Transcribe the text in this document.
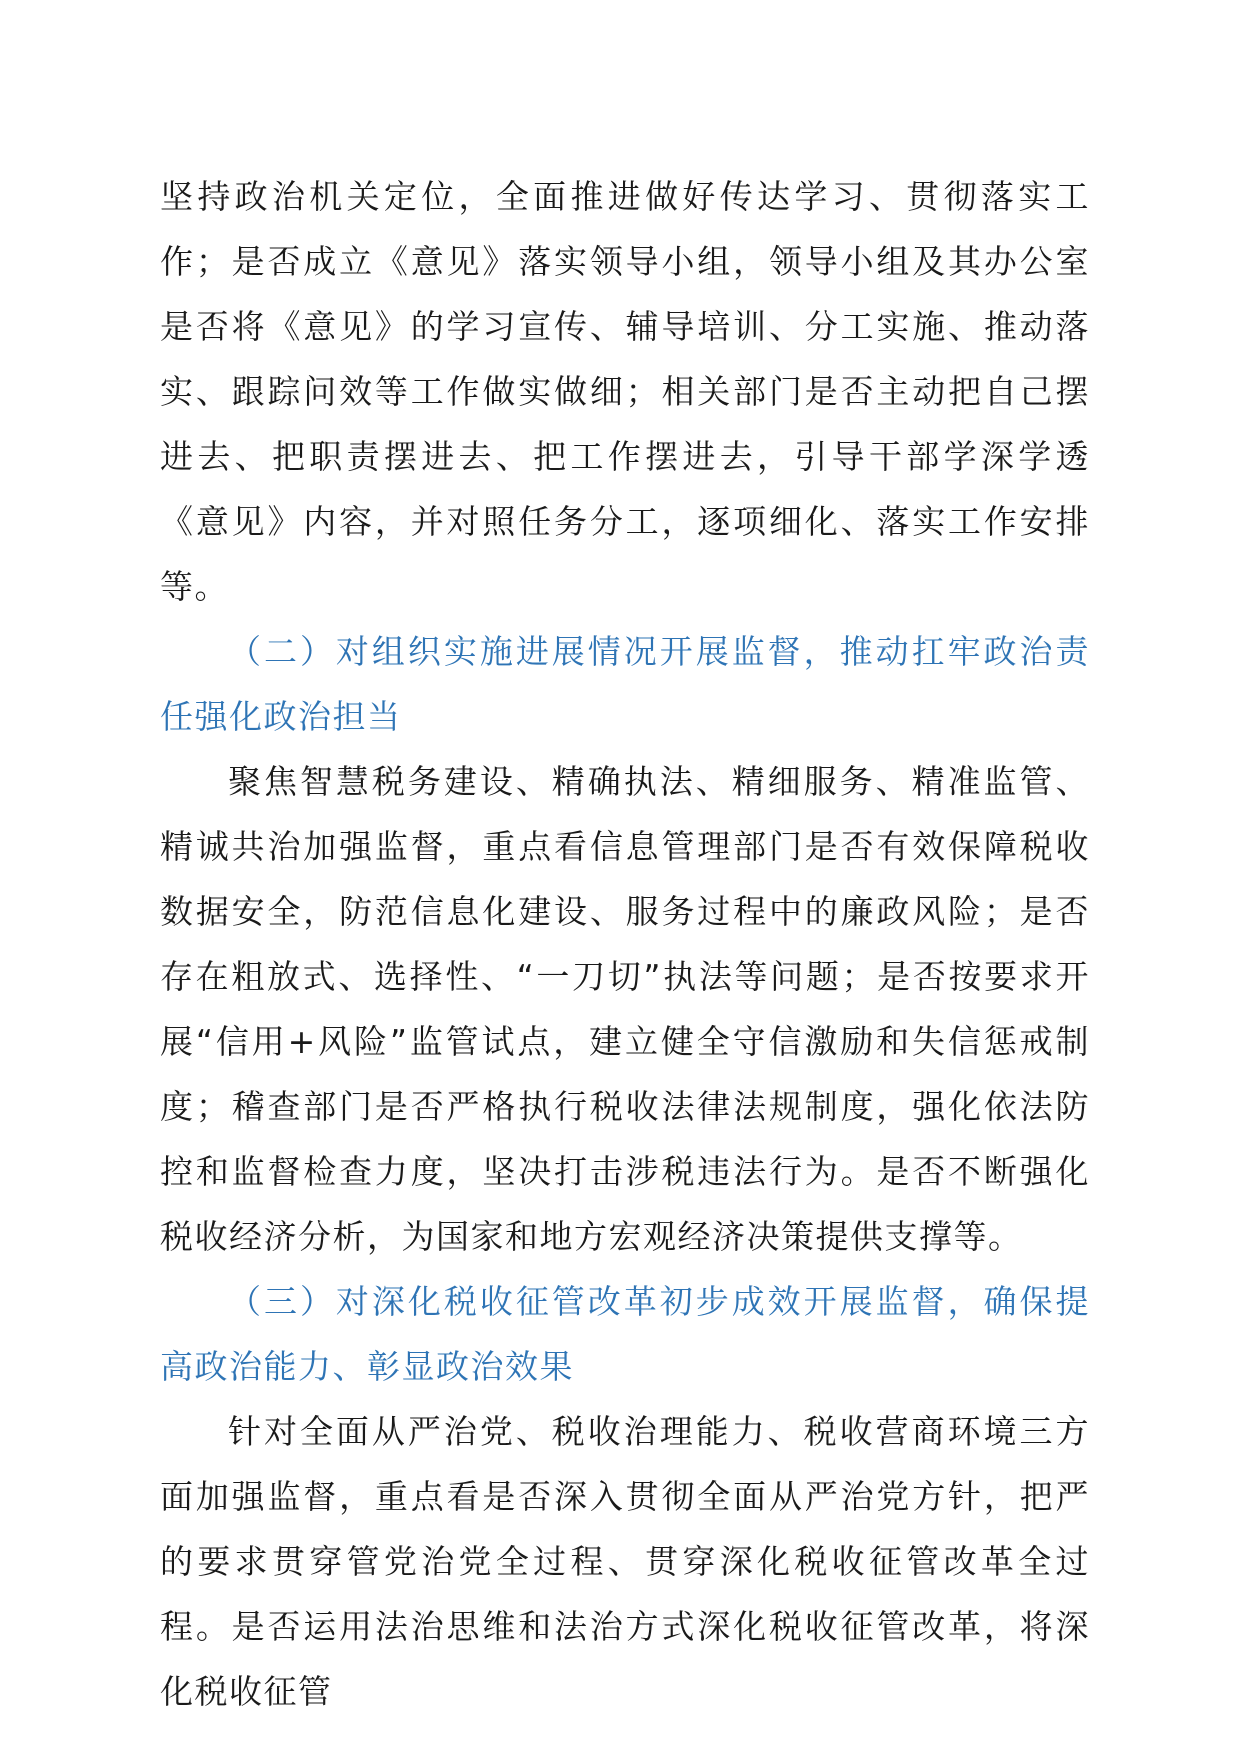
坚持政治机关定位，全面推进做好传达学习、贯彻落实工作；是否成立《意见》落实领导小组，领导小组及其办公室是否将《意见》的学习宣传、辅导培训、分工实施、推动落实、跟踪问效等工作做实做细；相关部门是否主动把自己摆进去、把职责摆进去、把工作摆进去，引导干部学深学透《意见》内容，并对照任务分工，逐项细化、落实工作安排等。

（二）对组织实施进展情况开展监督，推动扛牢政治责任强化政治担当

聚焦智慧税务建设、精确执法、精细服务、精准监管、精诚共治加强监督，重点看信息管理部门是否有效保障税收数据安全，防范信息化建设、服务过程中的廉政风险；是否存在粗放式、选择性、“一刀切”执法等问题；是否按要求开展“信用+风险”监管试点，建立健全守信激励和失信惩戒制度；稽查部门是否严格执行税收法律法规制度，强化依法防控和监督检查力度，坚决打击涉税违法行为。是否不断强化税收经济分析，为国家和地方宏观经济决策提供支撑等。

（三）对深化税收征管改革初步成效开展监督，确保提高政治能力、彰显政治效果

针对全面从严治党、税收治理能力、税收营商环境三方面加强监督，重点看是否深入贯彻全面从严治党方针，把严的要求贯穿管党治党全过程、贯穿深化税收征管改革全过程。是否运用法治思维和法治方式深化税收征管改革，将深化税收征管
